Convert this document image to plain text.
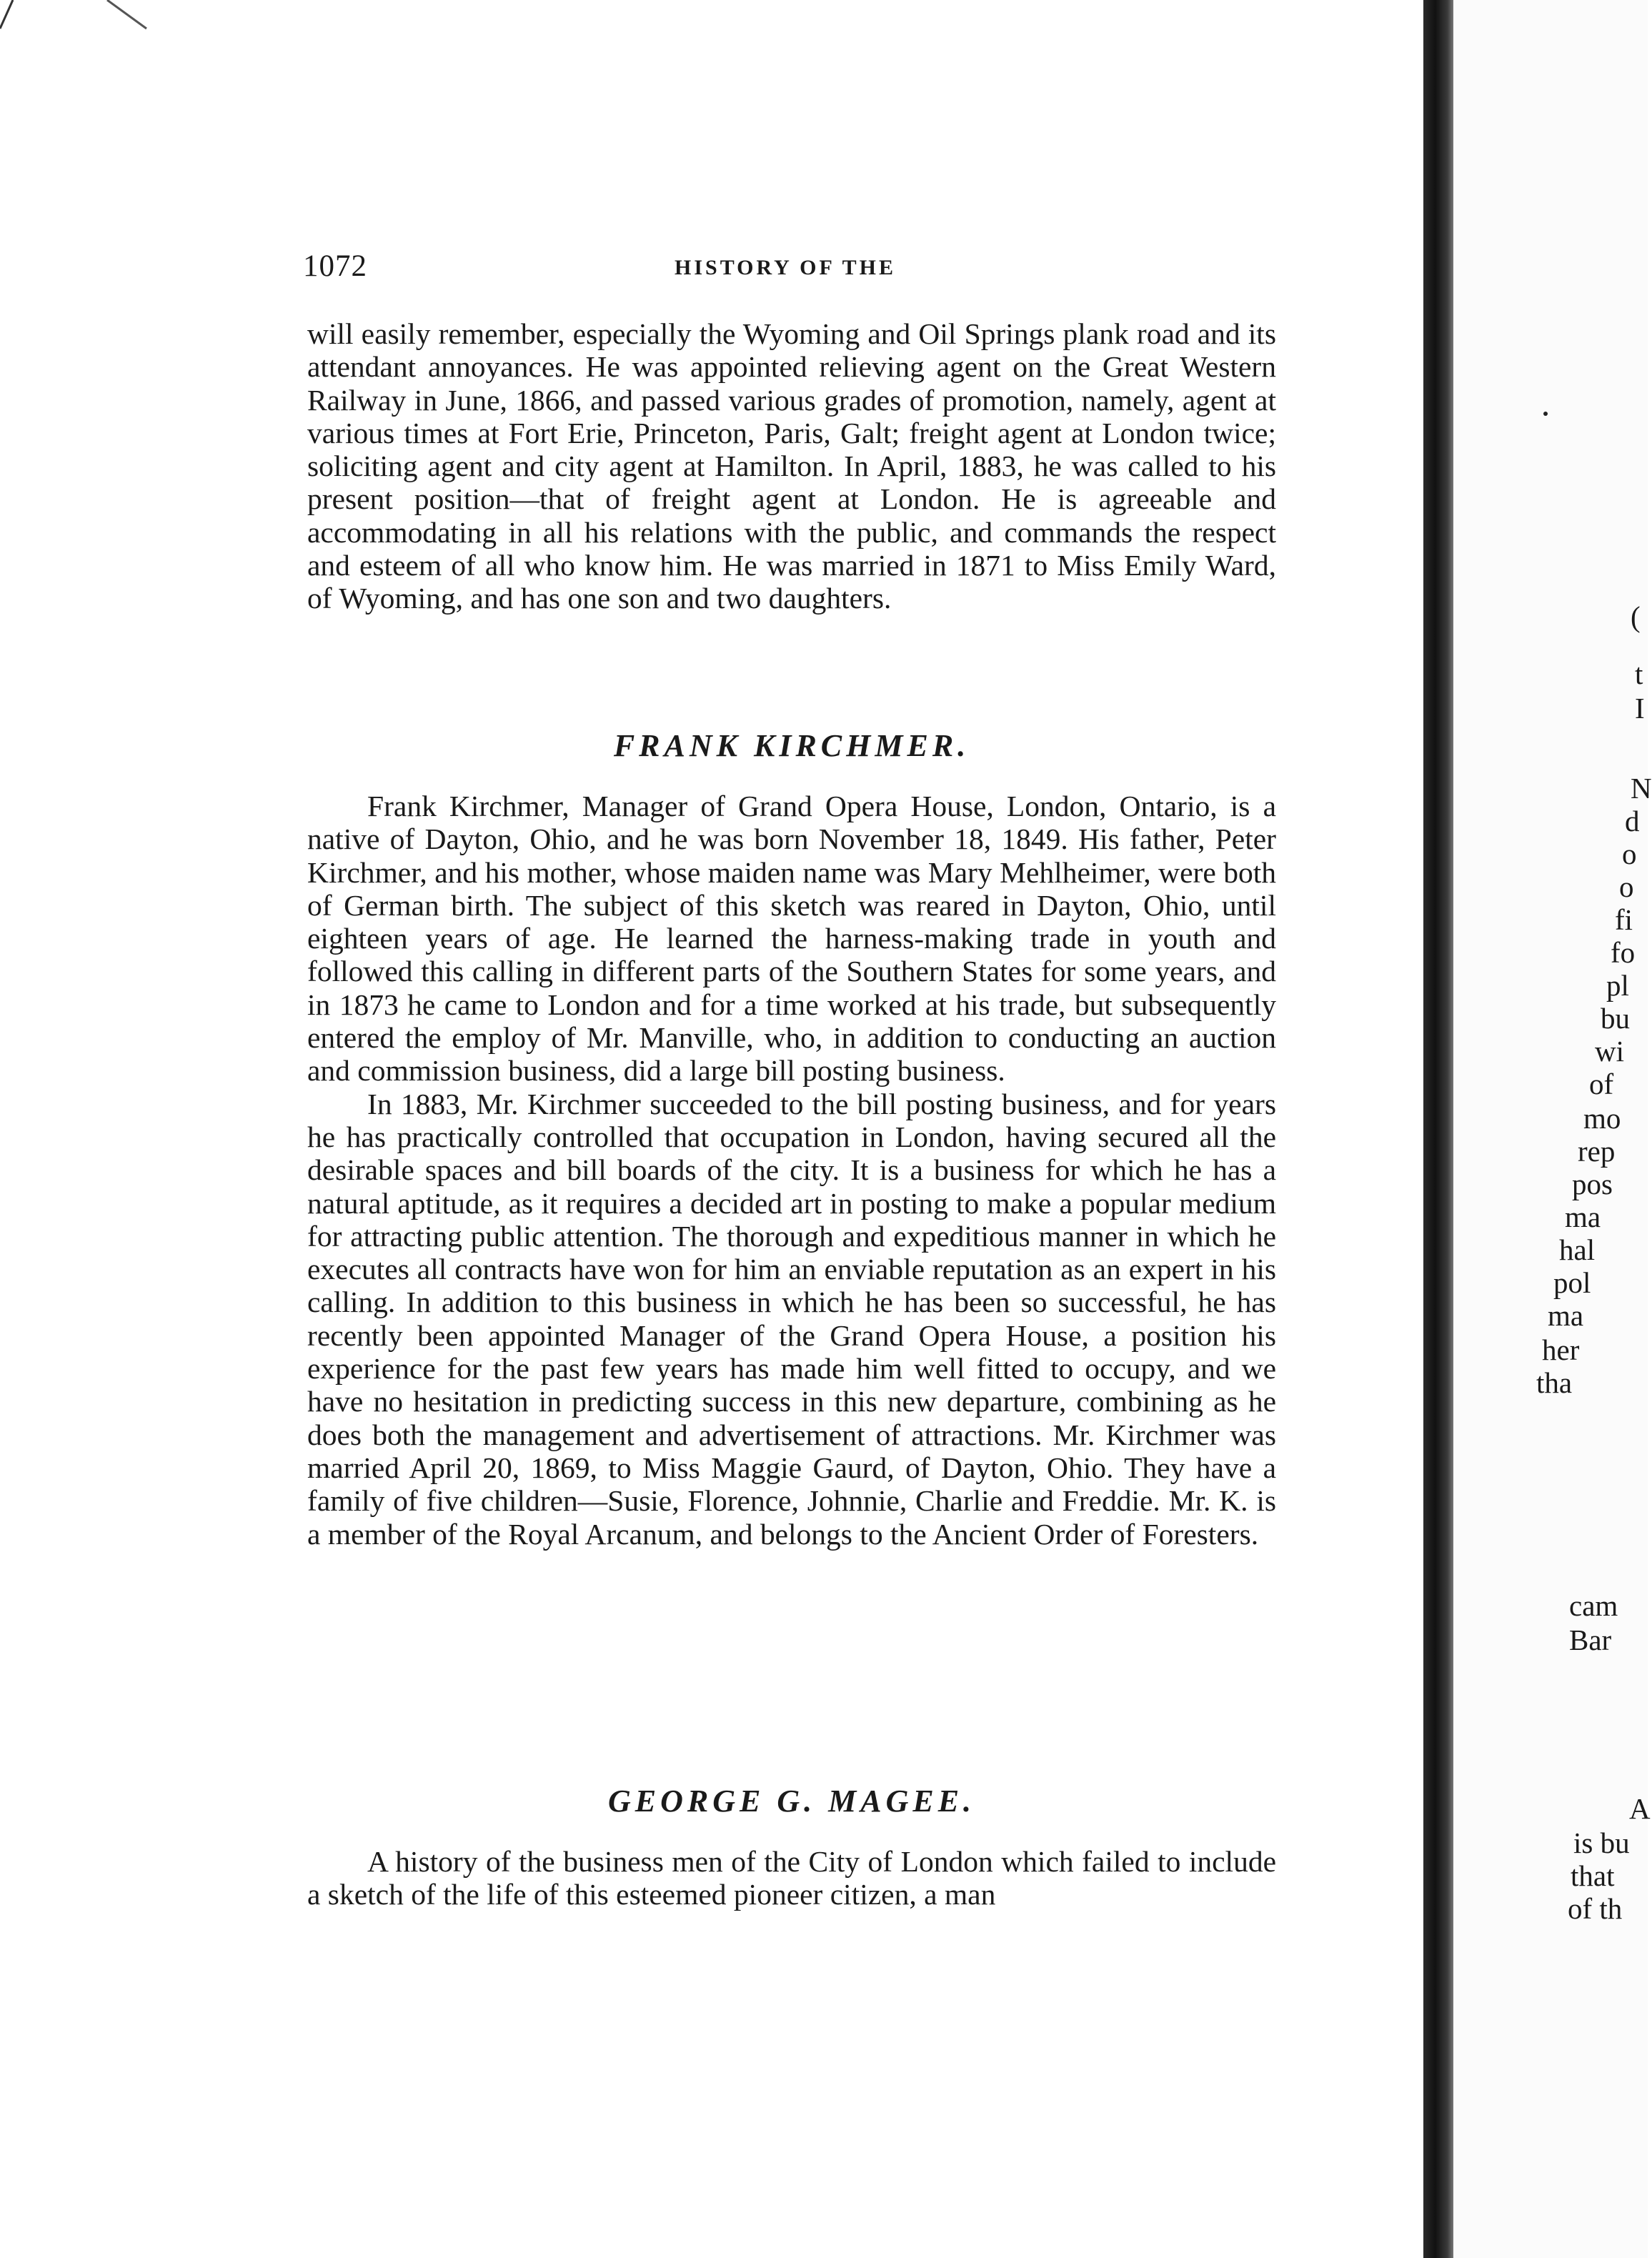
1072	HISTORY OF THE

will easily remember, especially the Wyoming and Oil Springs plank road and its attendant annoyances. He was appointed relieving agent on the Great Western Railway in June, 1866, and passed various grades of promotion, namely, agent at various times at Fort Erie, Princeton, Paris, Galt; freight agent at London twice; soliciting agent and city agent at Hamilton. In April, 1883, he was called to his present position—that of freight agent at London. He is agreeable and accommodating in all his relations with the public, and commands the respect and esteem of all who know him. He was married in 1871 to Miss Emily Ward, of Wyoming, and has one son and two daughters.

FRANK KIRCHMER.

Frank Kirchmer, Manager of Grand Opera House, London, Ontario, is a native of Dayton, Ohio, and he was born November 18, 1849. His father, Peter Kirchmer, and his mother, whose maiden name was Mary Mehlheimer, were both of German birth. The subject of this sketch was reared in Dayton, Ohio, until eighteen years of age. He learned the harness-making trade in youth and followed this calling in different parts of the Southern States for some years, and in 1873 he came to London and for a time worked at his trade, but subsequently entered the employ of Mr. Manville, who, in addition to conducting an auction and commission business, did a large bill posting business.

In 1883, Mr. Kirchmer succeeded to the bill posting business, and for years he has practically controlled that occupation in London, having secured all the desirable spaces and bill boards of the city. It is a business for which he has a natural aptitude, as it requires a decided art in posting to make a popular medium for attracting public attention. The thorough and expeditious manner in which he executes all contracts have won for him an enviable reputation as an expert in his calling. In addition to this business in which he has been so successful, he has recently been appointed Manager of the Grand Opera House, a position his experience for the past few years has made him well fitted to occupy, and we have no hesitation in predicting success in this new departure, combining as he does both the management and advertisement of attractions. Mr. Kirchmer was married April 20, 1869, to Miss Maggie Gaurd, of Dayton, Ohio. They have a family of five children—Susie, Florence, Johnnie, Charlie and Freddie. Mr. K. is a member of the Royal Arcanum, and belongs to the Ancient Order of Foresters.

GEORGE G. MAGEE.

A history of the business men of the City of London which failed to include a sketch of the life of this esteemed pioneer citizen, a man

(
t
I
N
d
o
o
fi
fo
pl
bu
wi
of
mo
rep
pos
ma
hal
pol
ma
her
tha
cam
Bar
A
is bu
that
of th
